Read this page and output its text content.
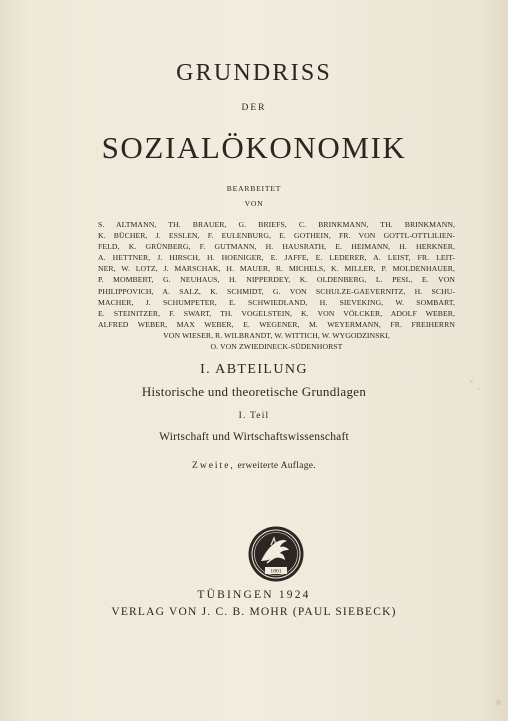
GRUNDRISS
DER
SOZIALÖKONOMIK
BEARBEITET
VON
S. ALTMANN, TH. BRAUER, G. BRIEFS, C. BRINKMANN, TH. BRINKMANN,
K. BÜCHER, J. ESSLEN, F. EULENBURG, E. GOTHEIN, FR. VON GOTTL-OTTLILIEN-
FELD, K. GRÜNBERG, F. GUTMANN, H. HAUSRATH, E. HEIMANN, H. HERKNER,
A. HETTNER, J. HIRSCH, H. HOENIGER, E. JAFFE, E. LEDERER, A. LEIST, FR. LEIT-
NER, W. LOTZ, J. MARSCHAK, H. MAUER, R. MICHELS, K. MILLER, P. MOLDENHAUER,
P. MOMBERT, G. NEUHAUS, H. NIPPERDEY, K. OLDENBERG, L. PESL, E. VON
PHILIPPOVICH, A. SALZ, K. SCHMIDT, G. VON SCHULZE-GAEVERNITZ, H. SCHU-
MACHER, J. SCHUMPETER, E. SCHWIEDLAND, H. SIEVEKING, W. SOMBART,
E. STEINITZER, F. SWART, TH. VOGELSTEIN, K. VON VÖLCKER, ADOLF WEBER,
ALFRED WEBER, MAX WEBER, E. WEGENER, M. WEYERMANN, FR. FREIHERRN
VON WIESER, R. WILBRANDT, W. WITTICH, W. WYGODZINSKI,
O. VON ZWIEDINECK-SÜDENHORST
I. ABTEILUNG
Historische und theoretische Grundlagen
I. Teil
Wirtschaft und Wirtschaftswissenschaft
Zweite, erweiterte Auflage.
1801
TÜBINGEN 1924
VERLAG VON J. C. B. MOHR (PAUL SIEBECK)
